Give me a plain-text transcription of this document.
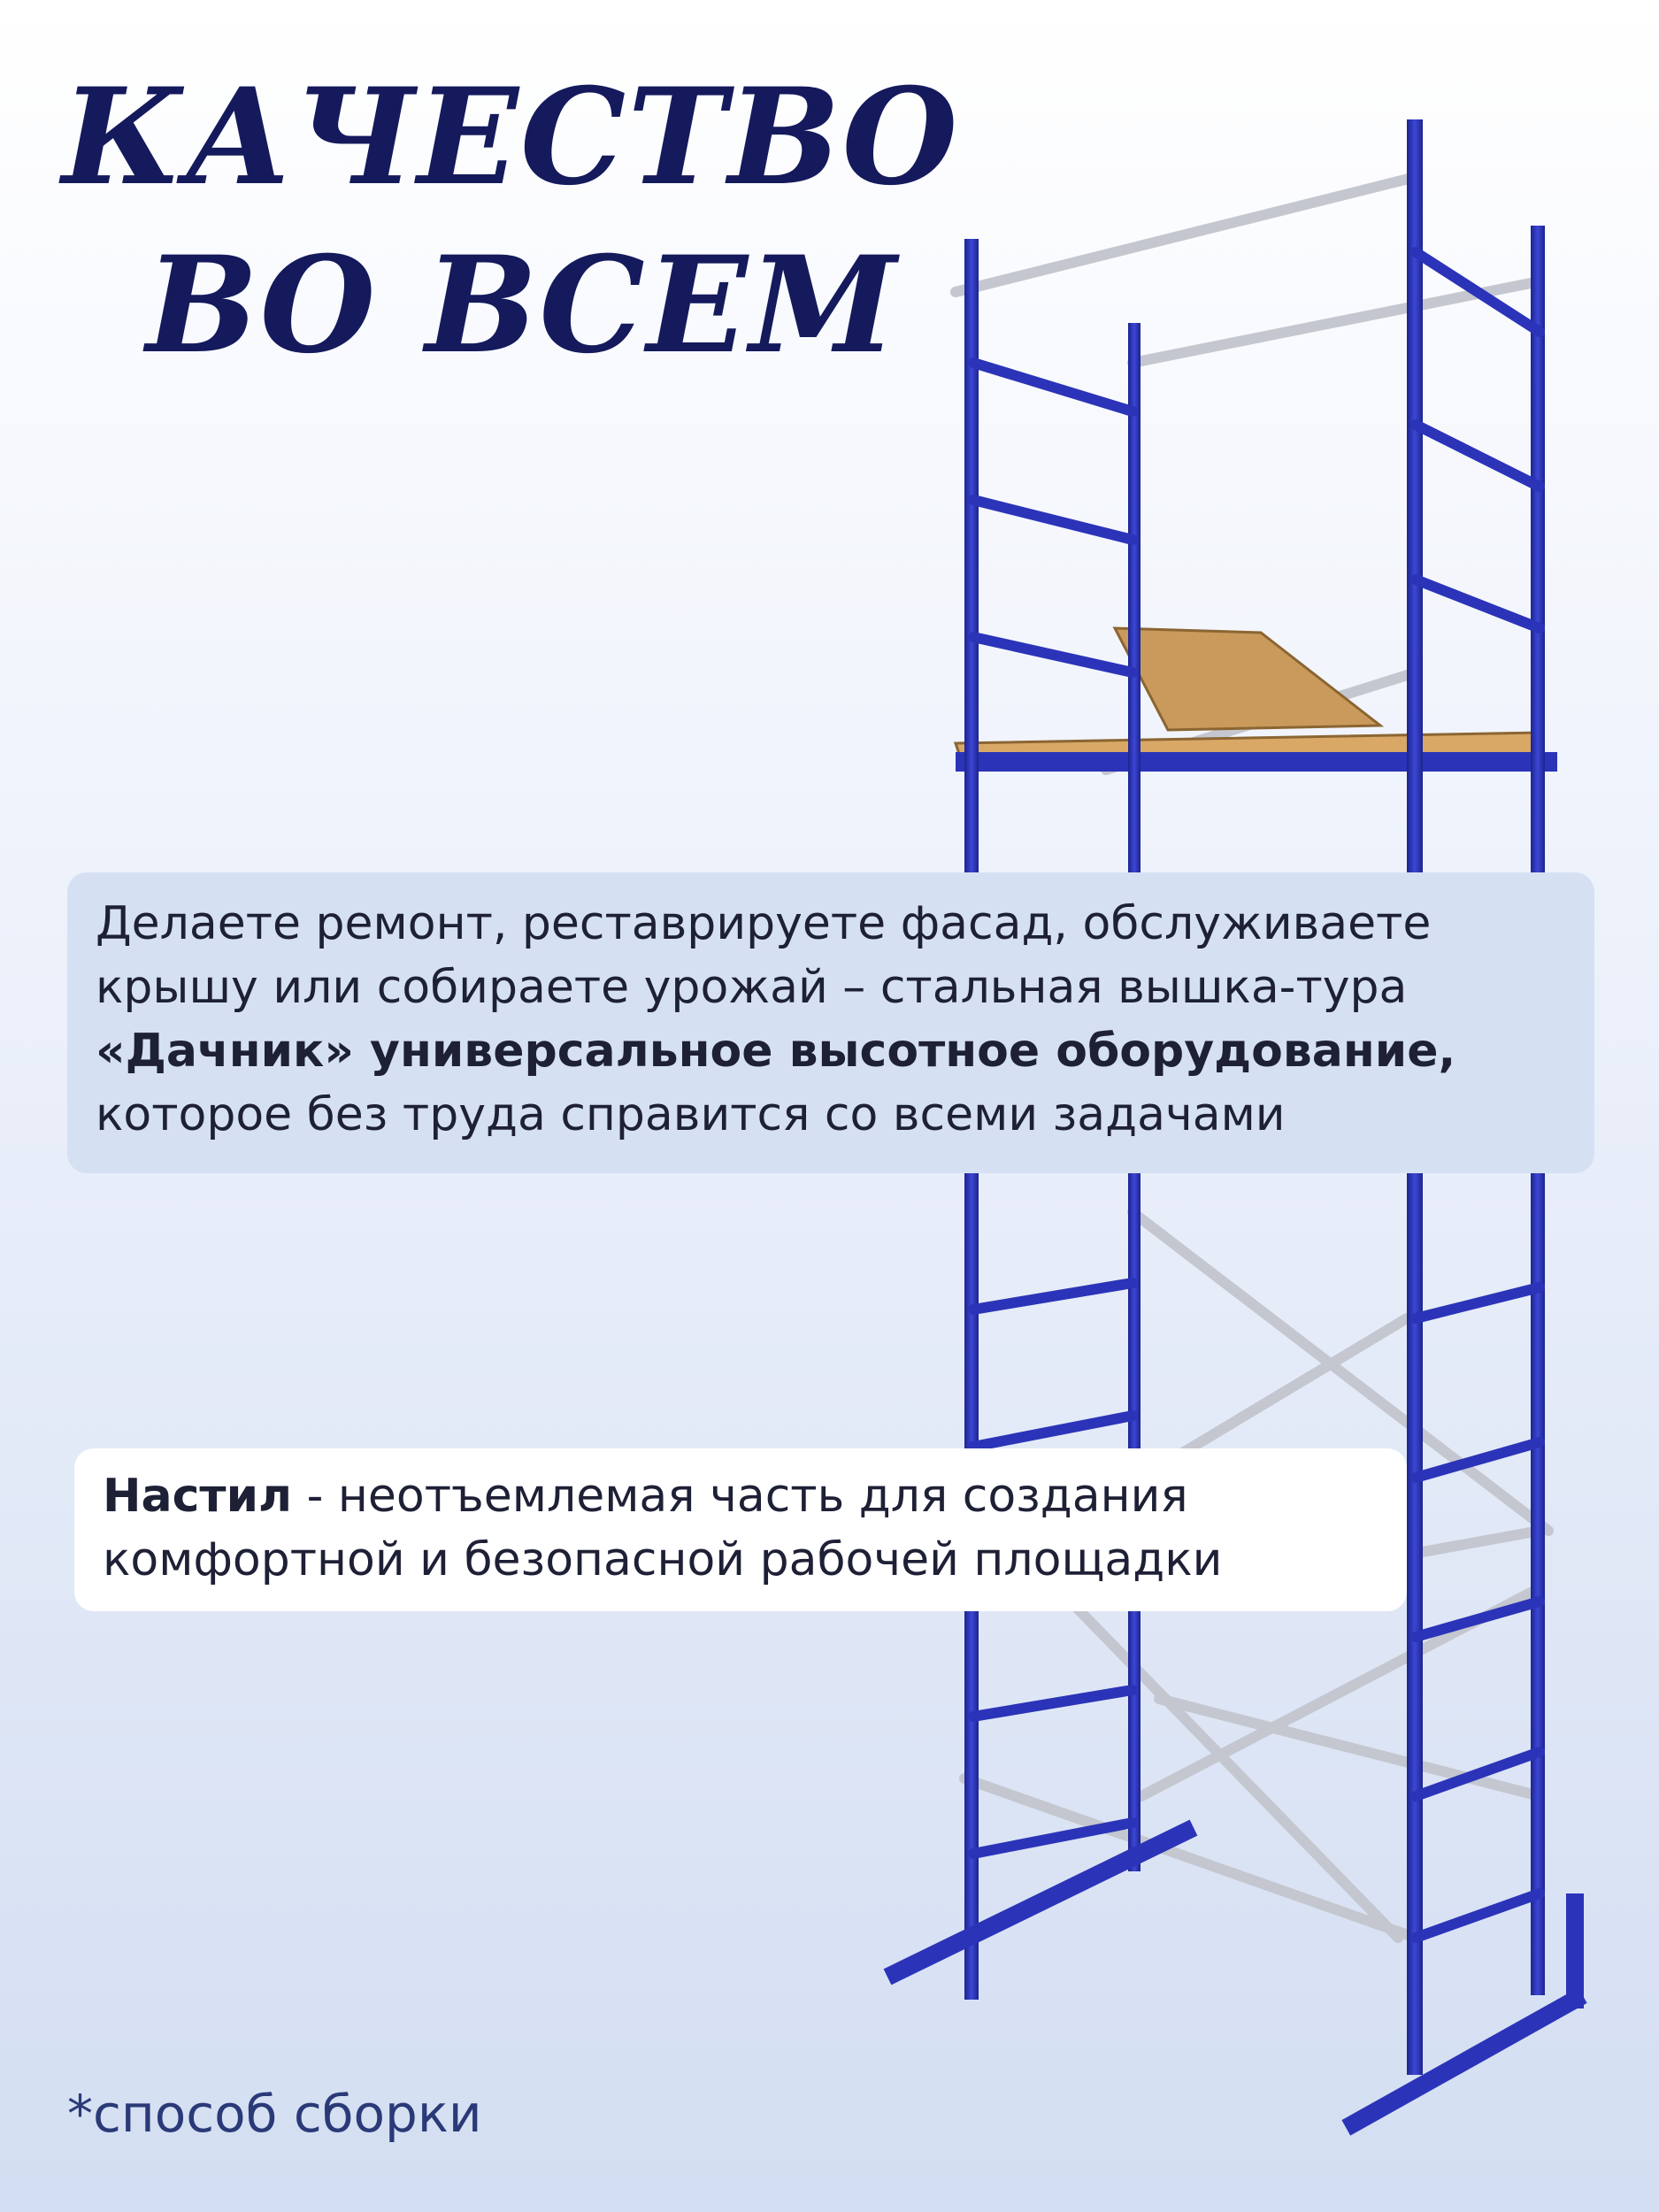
КАЧЕСТВО
ВО ВСЕМ

Делаете ремонт, реставрируете фасад, обслуживаете
крышу или собираете урожай – стальная вышка-тура
«Дачник» универсальное высотное оборудование,
которое без труда справится со всеми задачами

Настил - неотъемлемая часть для создания
комфортной и безопасной рабочей площадки

*способ сборки
